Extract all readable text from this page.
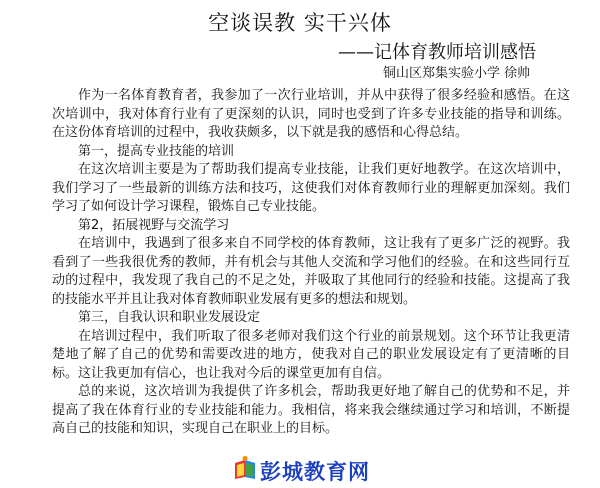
空谈误教 实干兴体
——记体育教师培训感悟
铜山区郑集实验小学 徐帅

作为一名体育教育者，我参加了一次行业培训，并从中获得了很多经验和感悟。在这次培训中，我对体育行业有了更深刻的认识，同时也受到了许多专业技能的指导和训练。在这份体育培训的过程中，我收获颇多，以下就是我的感悟和心得总结。

第一，提高专业技能的培训

在这次培训主要是为了帮助我们提高专业技能，让我们更好地教学。在这次培训中，我们学习了一些最新的训练方法和技巧，这使我们对体育教师行业的理解更加深刻。我们学习了如何设计学习课程，锻炼自己专业技能。

第2，拓展视野与交流学习

在培训中，我遇到了很多来自不同学校的体育教师，这让我有了更多广泛的视野。我看到了一些我很优秀的教师，并有机会与其他人交流和学习他们的经验。在和这些同行互动的过程中，我发现了我自己的不足之处，并吸取了其他同行的经验和技能。这提高了我的技能水平并且让我对体育教师职业发展有更多的想法和规划。

第三，自我认识和职业发展设定

在培训过程中，我们听取了很多老师对我们这个行业的前景规划。这个环节让我更清楚地了解了自己的优势和需要改进的地方，使我对自己的职业发展设定有了更清晰的目标。这让我更加有信心，也让我对今后的课堂更加有自信。

总的来说，这次培训为我提供了许多机会，帮助我更好地了解自己的优势和不足，并提高了我在体育行业的专业技能和能力。我相信，将来我会继续通过学习和培训，不断提高自己的技能和知识，实现自己在职业上的目标。

彭城教育网
